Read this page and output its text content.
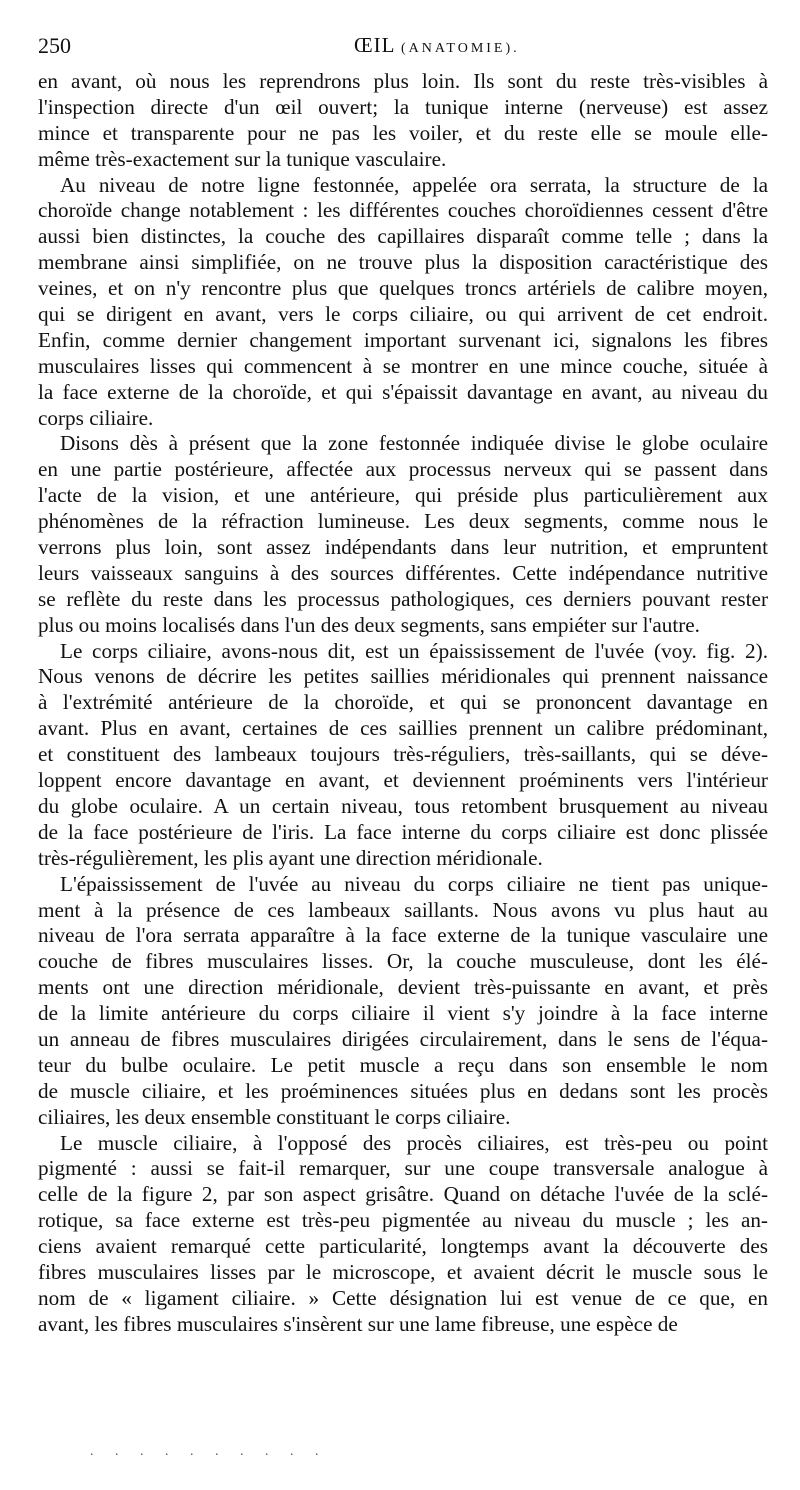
250	ŒIL (ANATOMIE).
en avant, où nous les reprendrons plus loin. Ils sont du reste très-visibles à
l'inspection directe d'un œil ouvert; la tunique interne (nerveuse) est assez
mince et transparente pour ne pas les voiler, et du reste elle se moule elle-
même très-exactement sur la tunique vasculaire.
Au niveau de notre ligne festonnée, appelée ora serrata, la structure de la
choroïde change notablement : les différentes couches choroïdiennes cessent d'être
aussi bien distinctes, la couche des capillaires disparaît comme telle ; dans la
membrane ainsi simplifiée, on ne trouve plus la disposition caractéristique des
veines, et on n'y rencontre plus que quelques troncs artériels de calibre moyen,
qui se dirigent en avant, vers le corps ciliaire, ou qui arrivent de cet endroit.
Enfin, comme dernier changement important survenant ici, signalons les fibres
musculaires lisses qui commencent à se montrer en une mince couche, située à
la face externe de la choroïde, et qui s'épaissit davantage en avant, au niveau du
corps ciliaire.
Disons dès à présent que la zone festonnée indiquée divise le globe oculaire
en une partie postérieure, affectée aux processus nerveux qui se passent dans
l'acte de la vision, et une antérieure, qui préside plus particulièrement aux
phénomènes de la réfraction lumineuse. Les deux segments, comme nous le
verrons plus loin, sont assez indépendants dans leur nutrition, et empruntent
leurs vaisseaux sanguins à des sources différentes. Cette indépendance nutritive
se reflète du reste dans les processus pathologiques, ces derniers pouvant rester
plus ou moins localisés dans l'un des deux segments, sans empiéter sur l'autre.
Le corps ciliaire, avons-nous dit, est un épaississement de l'uvée (voy. fig. 2).
Nous venons de décrire les petites saillies méridionales qui prennent naissance
à l'extrémité antérieure de la choroïde, et qui se prononcent davantage en
avant. Plus en avant, certaines de ces saillies prennent un calibre prédominant,
et constituent des lambeaux toujours très-réguliers, très-saillants, qui se déve-
loppent encore davantage en avant, et deviennent proéminents vers l'intérieur
du globe oculaire. A un certain niveau, tous retombent brusquement au niveau
de la face postérieure de l'iris. La face interne du corps ciliaire est donc plissée
très-régulièrement, les plis ayant une direction méridionale.
L'épaississement de l'uvée au niveau du corps ciliaire ne tient pas unique-
ment à la présence de ces lambeaux saillants. Nous avons vu plus haut au
niveau de l'ora serrata apparaître à la face externe de la tunique vasculaire une
couche de fibres musculaires lisses. Or, la couche musculeuse, dont les élé-
ments ont une direction méridionale, devient très-puissante en avant, et près
de la limite antérieure du corps ciliaire il vient s'y joindre à la face interne
un anneau de fibres musculaires dirigées circulairement, dans le sens de l'équa-
teur du bulbe oculaire. Le petit muscle a reçu dans son ensemble le nom
de muscle ciliaire, et les proéminences situées plus en dedans sont les procès
ciliaires, les deux ensemble constituant le corps ciliaire.
Le muscle ciliaire, à l'opposé des procès ciliaires, est très-peu ou point
pigmenté : aussi se fait-il remarquer, sur une coupe transversale analogue à
celle de la figure 2, par son aspect grisâtre. Quand on détache l'uvée de la sclé-
rotique, sa face externe est très-peu pigmentée au niveau du muscle ; les an-
ciens avaient remarqué cette particularité, longtemps avant la découverte des
fibres musculaires lisses par le microscope, et avaient décrit le muscle sous le
nom de « ligament ciliaire. » Cette désignation lui est venue de ce que, en
avant, les fibres musculaires s'insèrent sur une lame fibreuse, une espèce de
. . . . . . . . . .
